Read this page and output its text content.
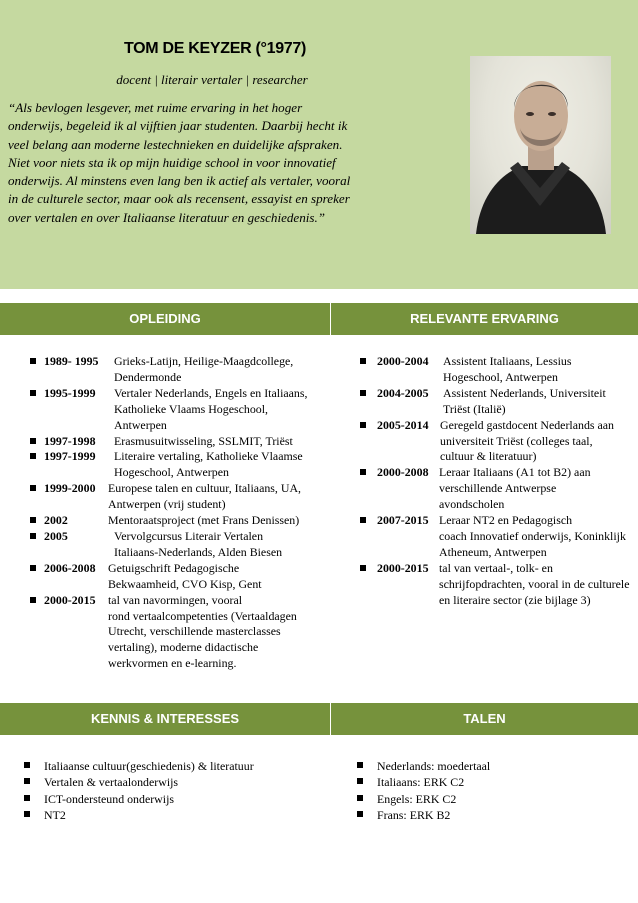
TOM DE KEYZER (°1977)
docent | literair vertaler | researcher
“Als bevlogen lesgever, met ruime ervaring in het hoger
onderwijs, begeleid ik al vijftien jaar studenten. Daarbij hecht ik
veel belang aan moderne lestechnieken en duidelijke afspraken.
Niet voor niets sta ik op mijn huidige school in voor innovatief
onderwijs. Al minstens even lang ben ik actief als vertaler, vooral
in de culturele sector, maar ook als recensent, essayist en spreker
over vertalen en over Italiaanse literatuur en geschiedenis.”
OPLEIDING	RELEVANTE ERVARING
1989- 1995	Grieks-Latijn, Heilige-Maagdcollege,
Dendermonde
1995-1999	Vertaler Nederlands, Engels en Italiaans,
Katholieke Vlaams Hogeschool,
Antwerpen
1997-1998	Erasmusuitwisseling, SSLMIT, Triëst
1997-1999	Literaire vertaling, Katholieke Vlaamse
Hogeschool, Antwerpen
1999-2000	Europese talen en cultuur, Italiaans, UA,
Antwerpen (vrij student)
2002	Mentoraatsproject (met Frans Denissen)
2005	Vervolgcursus Literair Vertalen
Italiaans-Nederlands, Alden Biesen
2006-2008	Getuigschrift Pedagogische
Bekwaamheid, CVO Kisp, Gent
2000-2015	tal van navormingen, vooral
rond vertaalcompetenties (Vertaaldagen
Utrecht, verschillende masterclasses
vertaling), moderne didactische
werkvormen en e-learning.
2000-2004	Assistent Italiaans, Lessius
Hogeschool, Antwerpen
2004-2005	Assistent Nederlands, Universiteit
Triëst (Italië)
2005-2014 Geregeld gastdocent Nederlands aan
universiteit Triëst (colleges taal,
cultuur & literatuur)
2000-2008 Leraar Italiaans (A1 tot B2) aan
verschillende Antwerpse
avondscholen
2007-2015 Leraar NT2 en Pedagogisch
coach Innovatief onderwijs, Koninklijk
Atheneum, Antwerpen
2000-2015 tal van vertaal-, tolk- en
schrijfopdrachten, vooral in de culturele
en literaire sector (zie bijlage 3)
KENNIS & INTERESSES	TALEN
Italiaanse cultuur(geschiedenis) & literatuur
Vertalen & vertaalonderwijs
ICT-ondersteund onderwijs
NT2
Nederlands: moedertaal
Italiaans: ERK C2
Engels: ERK C2
Frans: ERK B2
